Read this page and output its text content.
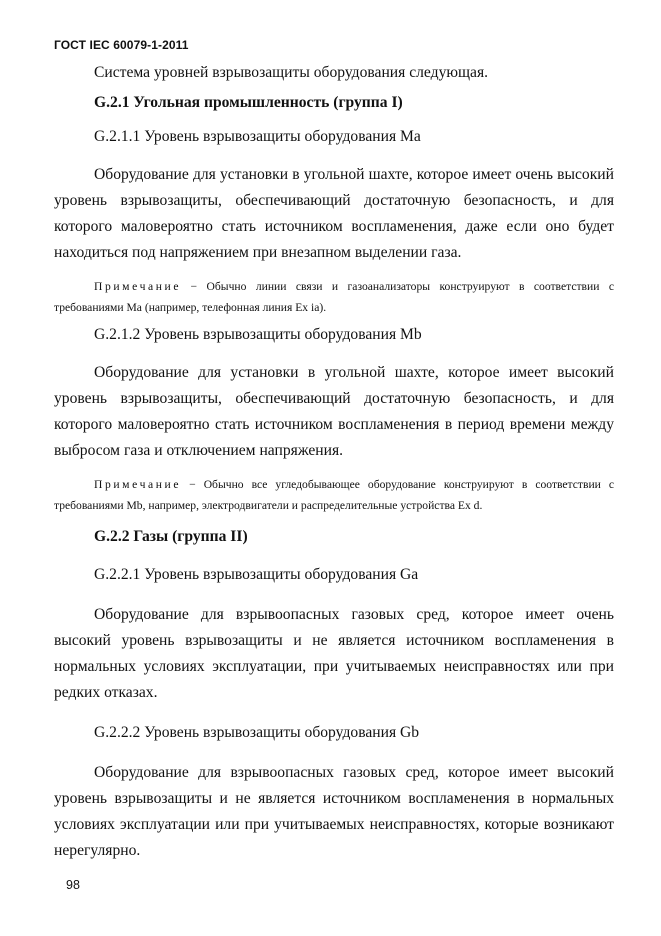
ГОСТ IEC 60079-1-2011

Система уровней взрывозащиты оборудования следующая.

G.2.1 Угольная промышленность (группа I)

G.2.1.1 Уровень взрывозащиты оборудования Ma

Оборудование для установки в угольной шахте, которое имеет очень высокий уровень взрывозащиты, обеспечивающий достаточную безопасность, и для которого маловероятно стать источником воспламенения, даже если оно будет находиться под напряжением при внезапном выделении газа.

Примечание − Обычно линии связи и газоанализаторы конструируют в соответствии с требованиями Ma (например, телефонная линия Ex ia).

G.2.1.2 Уровень взрывозащиты оборудования Mb

Оборудование для установки в угольной шахте, которое имеет высокий уровень взрывозащиты, обеспечивающий достаточную безопасность, и для которого маловероятно стать источником воспламенения в период времени между выбросом газа и отключением напряжения.

Примечание − Обычно все угледобывающее оборудование конструируют в соответствии с требованиями Mb, например, электродвигатели и распределительные устройства Ex d.

G.2.2 Газы (группа II)

G.2.2.1 Уровень взрывозащиты оборудования Ga

Оборудование для взрывоопасных газовых сред, которое имеет очень высокий уровень взрывозащиты и не является источником воспламенения в нормальных условиях эксплуатации, при учитываемых неисправностях или при редких отказах.

G.2.2.2 Уровень взрывозащиты оборудования Gb

Оборудование для взрывоопасных газовых сред, которое имеет высокий уровень взрывозащиты и не является источником воспламенения в нормальных условиях эксплуатации или при учитываемых неисправностях, которые возникают нерегулярно.

98
